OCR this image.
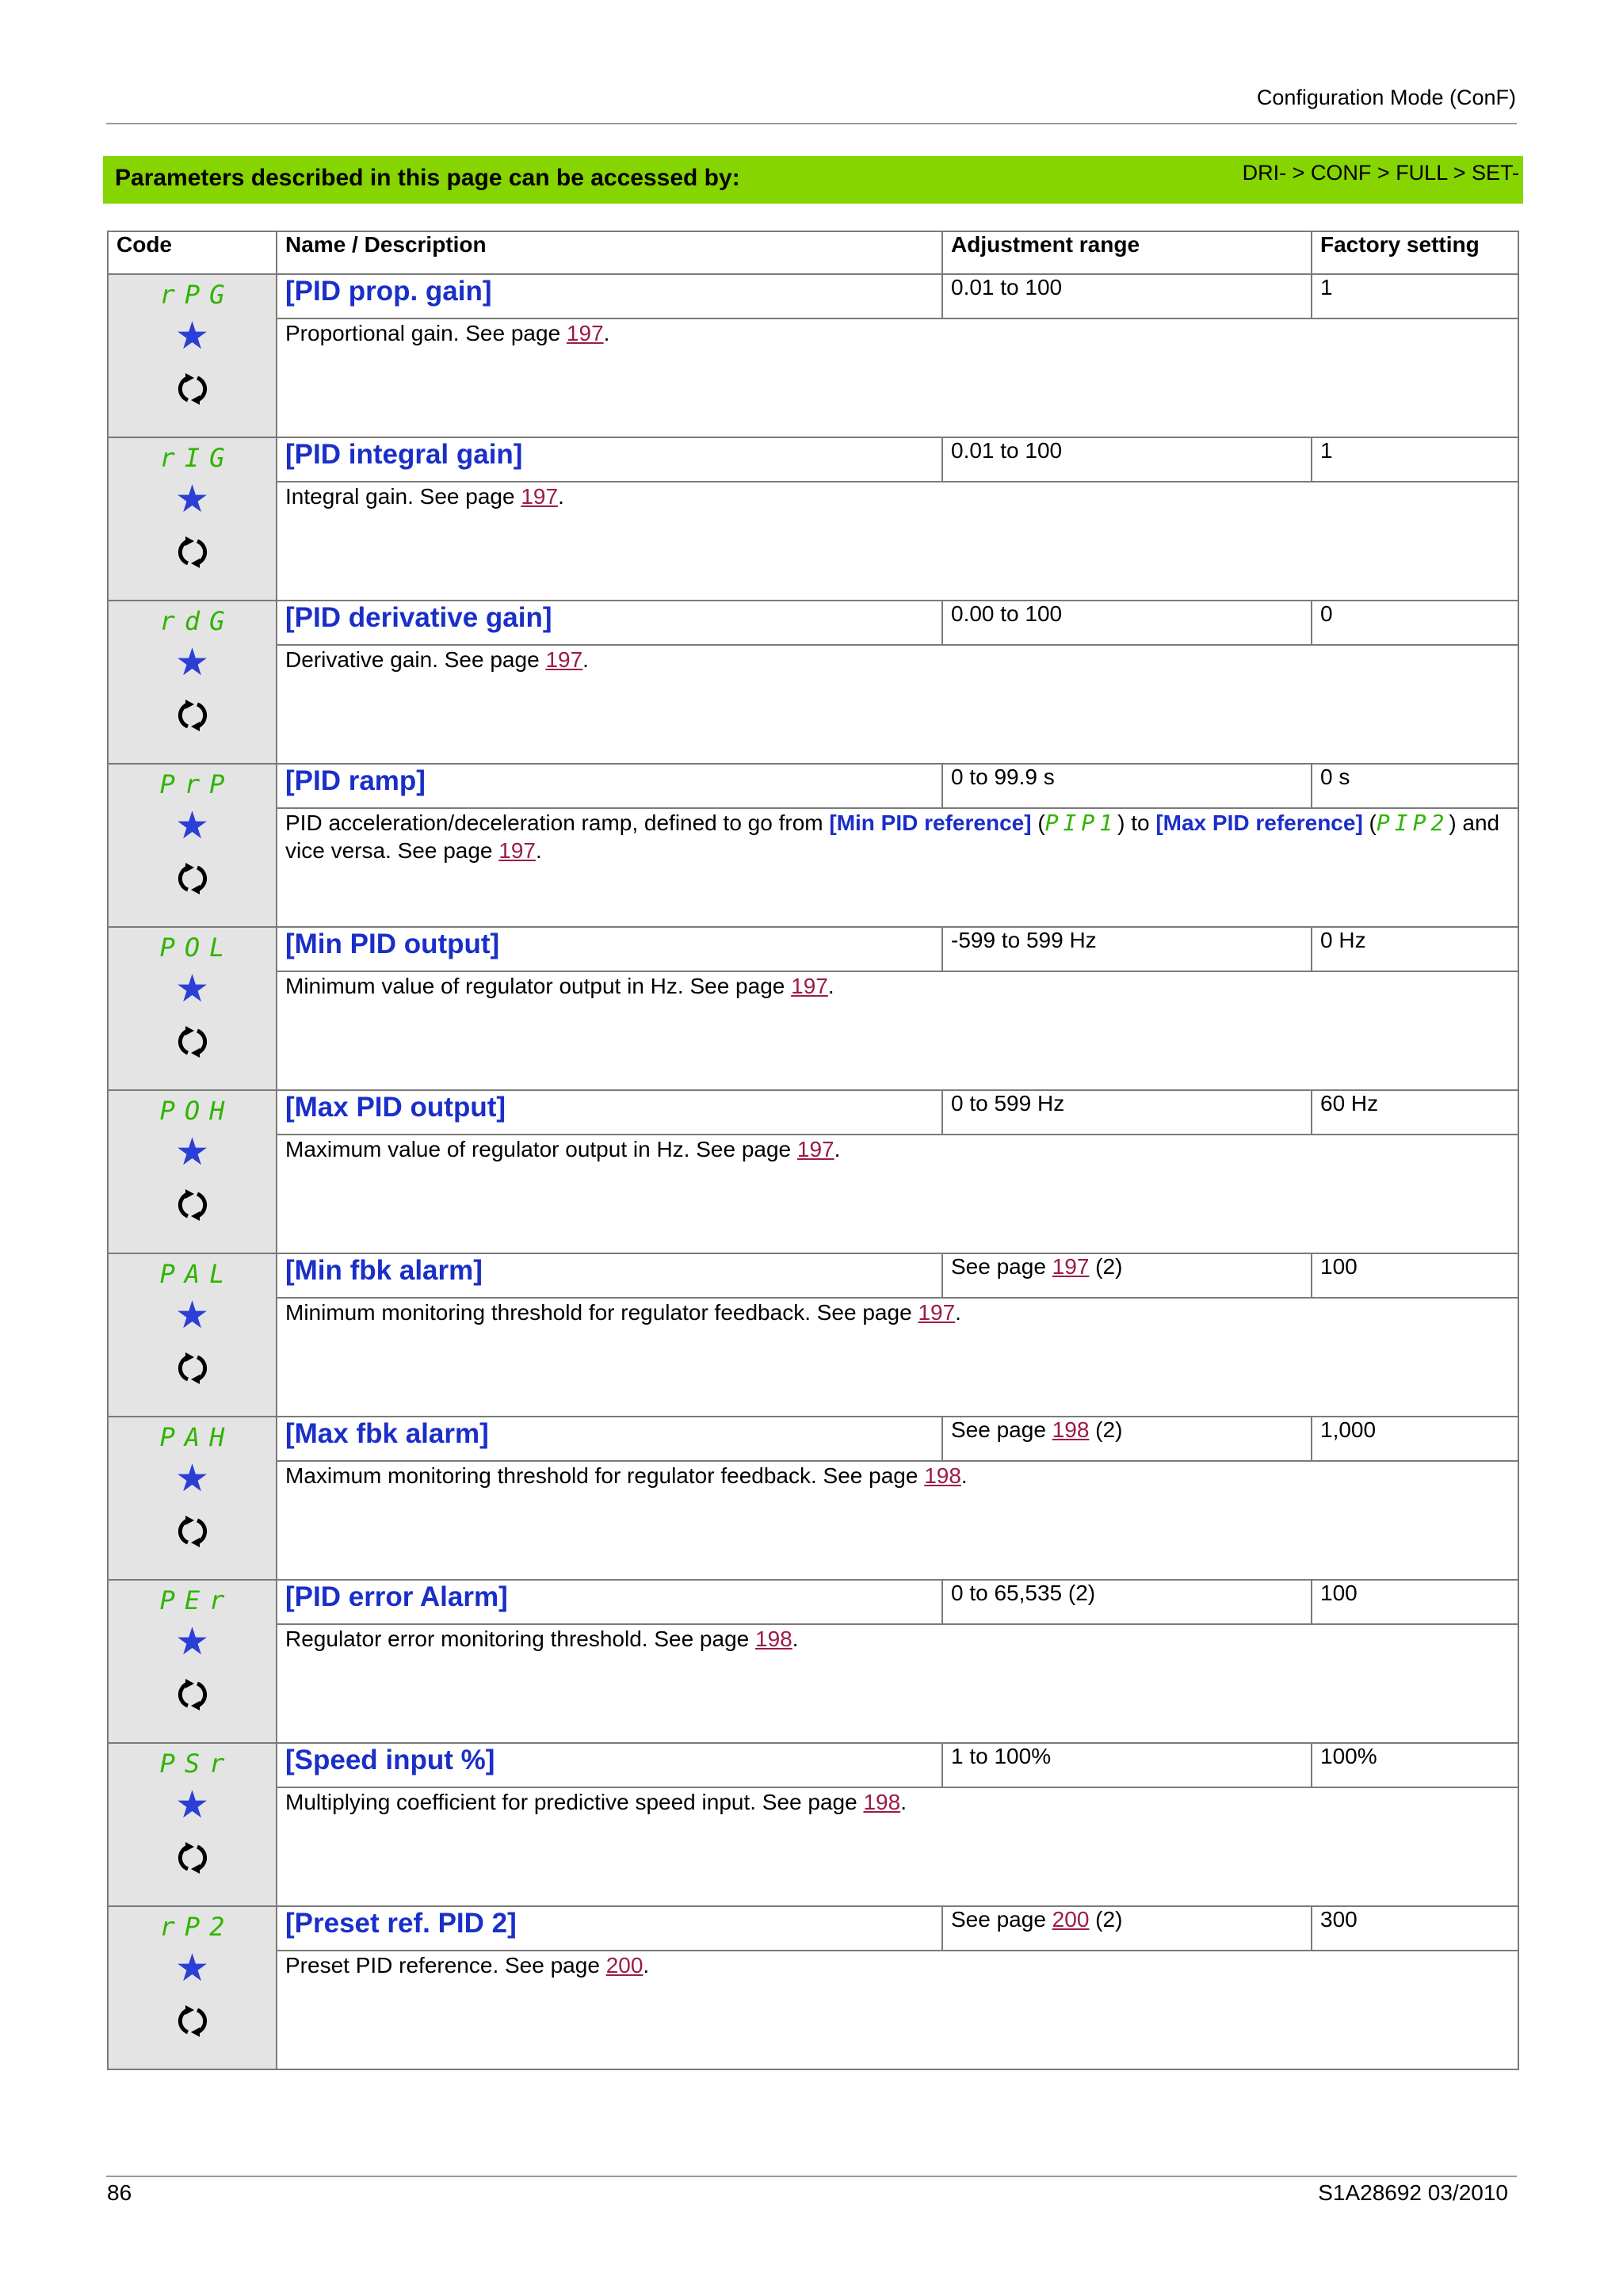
Configuration Mode (ConF)
Parameters described in this page can be accessed by:	DRI- > CONF > FULL > SET-
Code	Name / Description	Adjustment range	Factory setting

rPG
★	[PID prop. gain]	0.01 to 100	1
	Proportional gain. See page 197.		

rIG
★	[PID integral gain]	0.01 to 100	1
	Integral gain. See page 197.		

rdG
★	[PID derivative gain]	0.00 to 100	0
	Derivative gain. See page 197.		

PrP
★	[PID ramp]	0 to 99.9 s	0 s
	PID acceleration/deceleration ramp, defined to go from [Min PID reference] (PIP1) to [Max PID reference] (PIP2) and vice versa. See page 197.		

POL
★	[Min PID output]	-599 to 599 Hz	0 Hz
	Minimum value of regulator output in Hz. See page 197.		

POH
★	[Max PID output]	0 to 599 Hz	60 Hz
	Maximum value of regulator output in Hz. See page 197.		

PAL
★	[Min fbk alarm]	See page 197 (2)	100
	Minimum monitoring threshold for regulator feedback. See page 197.		

PAH
★	[Max fbk alarm]	See page 198 (2)	1,000
	Maximum monitoring threshold for regulator feedback. See page 198.		

PEr
★	[PID error Alarm]	0 to 65,535 (2)	100
	Regulator error monitoring threshold. See page 198.		

PSr
★	[Speed input %]	1 to 100%	100%
	Multiplying coefficient for predictive speed input. See page 198.		

rP2
★	[Preset ref. PID 2]	See page 200 (2)	300
	Preset PID reference. See page 200.		
86	S1A28692 03/2010
